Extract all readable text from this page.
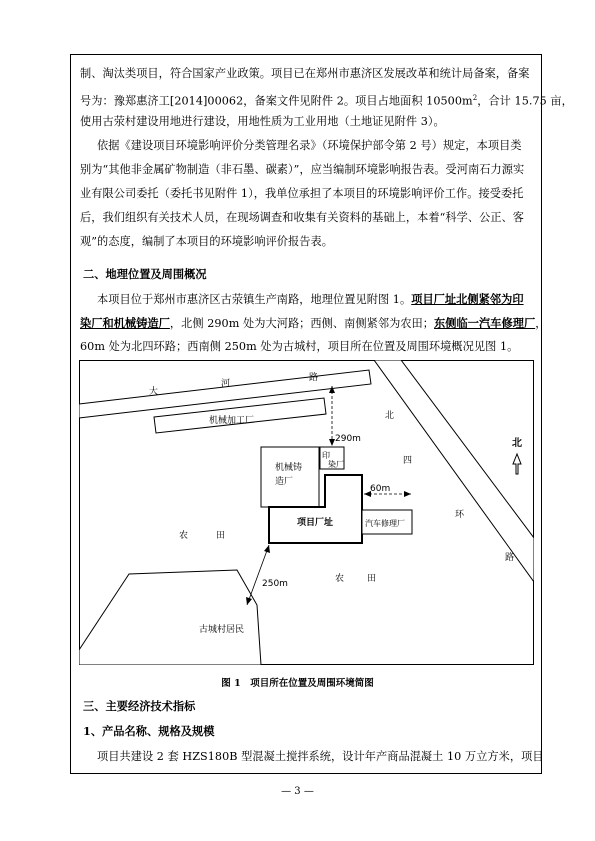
制、淘汰类项目，符合国家产业政策。项目已在郑州市惠济区发展改革和统计局备案，备案
号为：豫郑惠济工[2014]00062，备案文件见附件 2。项目占地面积 $10500m^2$，合计 15.75 亩，
使用古荥村建设用地进行建设，用地性质为工业用地（土地证见附件 3）。
依据《建设项目环境影响评价分类管理名录》（环境保护部令第 2 号）规定，本项目类
别为“其他非金属矿物制造（非石墨、碳素）”，应当编制环境影响报告表。受河南石力源实
业有限公司委托（委托书见附件 1），我单位承担了本项目的环境影响评价工作。接受委托
后，我们组织有关技术人员，在现场调查和收集有关资料的基础上，本着“科学、公正、客
观”的态度，编制了本项目的环境影响评价报告表。
二、地理位置及周围概况
本项目位于郑州市惠济区古荥镇生产南路，地理位置见附图 1。项目厂址北侧紧邻为印
染厂和机械铸造厂，北侧 290m 处为大河路；西侧、南侧紧邻为农田；东侧临一汽车修理厂，
60m 处为北四环路；西南侧 250m 处为古城村，项目所在位置及周围环境概况见图 1。
大
河
路
北
四
环
路
机械加工厂
机械铸
造厂
印
染厂
290m
项目厂址	汽车修理厂
60m
北
农	田
农	田
古城村居民
250m
图 1　项目所在位置及周围环境简图
三、主要经济技术指标
1、产品名称、规格及规模
项目共建设 2 套 HZS180B 型混凝土搅拌系统，设计年产商品混凝土 10 万立方米，项目
— 3 —
